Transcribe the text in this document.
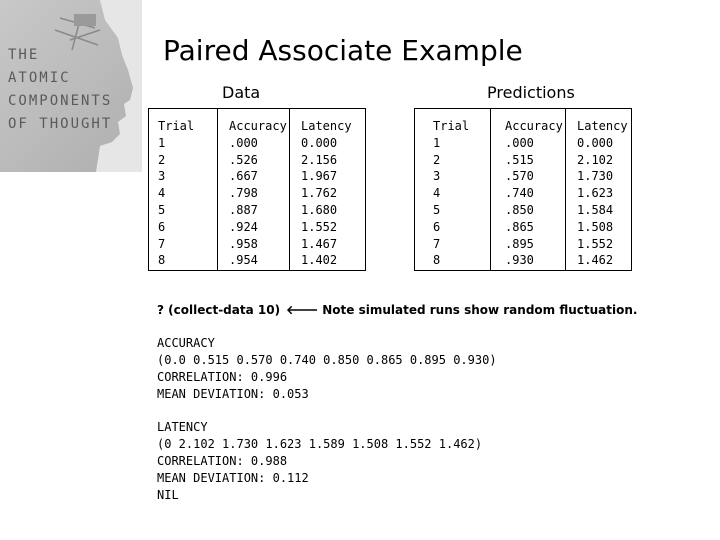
THE
ATOMIC
COMPONENTS
OF THOUGHT
Paired Associate Example
Data	Predictions
Trial
1
2
3
4
5
6
7
8
Accuracy
.000
.526
.667
.798
.887
.924
.958
.954
Latency
0.000
2.156
1.967
1.762
1.680
1.552
1.467
1.402
Trial
1
2
3
4
5
6
7
8
Accuracy
.000
.515
.570
.740
.850
.865
.895
.930
Latency
0.000
2.102
1.730
1.623
1.584
1.508
1.552
1.462
? (collect-data 10) 🡐 Note simulated runs show random fluctuation.
ACCURACY
(0.0 0.515 0.570 0.740 0.850 0.865 0.895 0.930)
CORRELATION: 0.996
MEAN DEVIATION: 0.053
LATENCY
(0 2.102 1.730 1.623 1.589 1.508 1.552 1.462)
CORRELATION: 0.988
MEAN DEVIATION: 0.112
NIL
